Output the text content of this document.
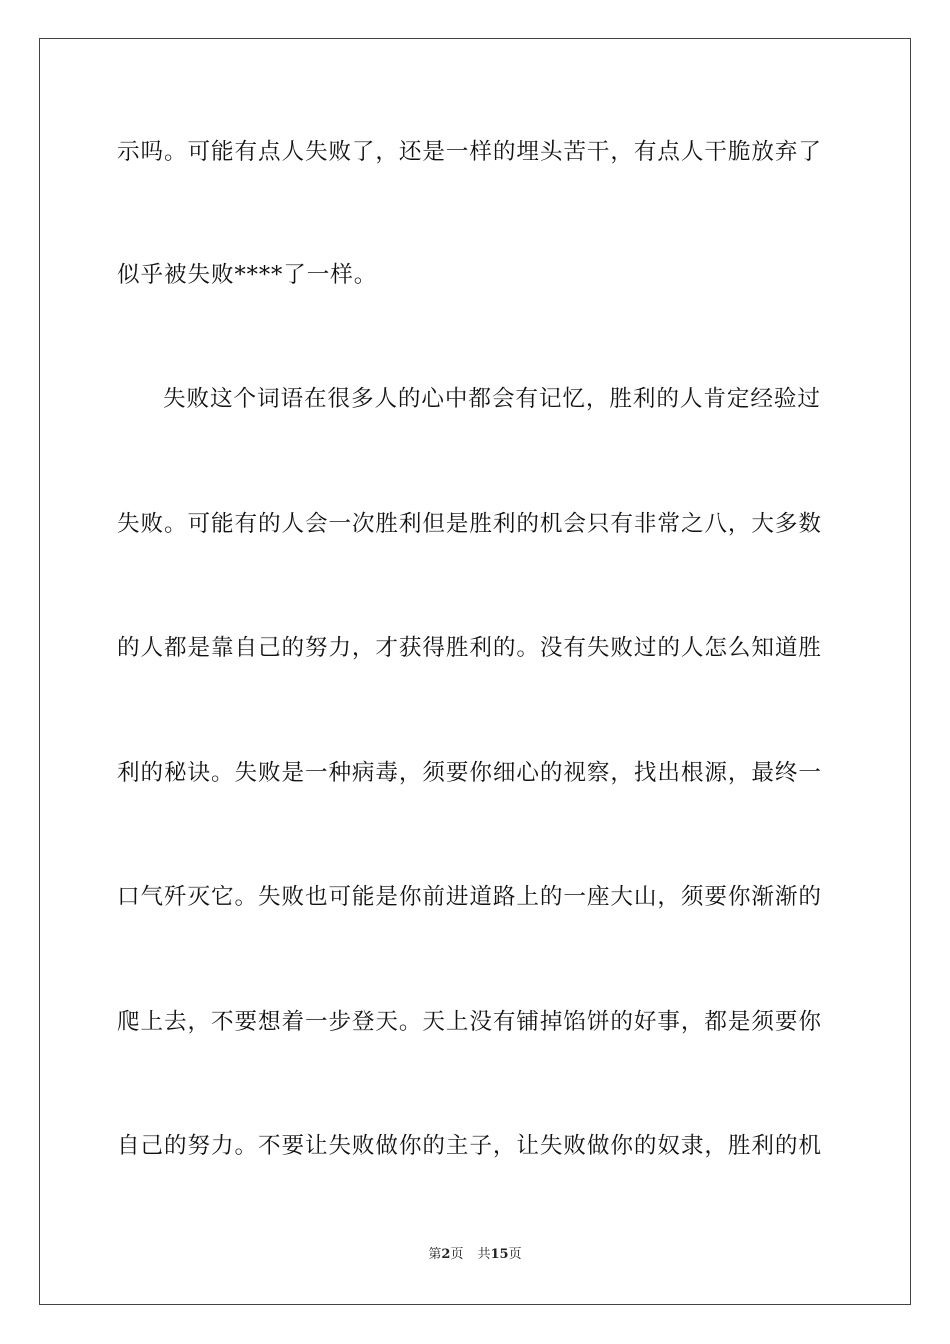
示吗。可能有点人失败了，还是一样的埋头苦干，有点人干脆放弃了
似乎被失败****了一样。
失败这个词语在很多人的心中都会有记忆，胜利的人肯定经验过
失败。可能有的人会一次胜利但是胜利的机会只有非常之八，大多数
的人都是靠自己的努力，才获得胜利的。没有失败过的人怎么知道胜
利的秘诀。失败是一种病毒，须要你细心的视察，找出根源，最终一
口气歼灭它。失败也可能是你前进道路上的一座大山，须要你渐渐的
爬上去，不要想着一步登天。天上没有铺掉馅饼的好事，都是须要你
自己的努力。不要让失败做你的主子，让失败做你的奴隶，胜利的机
第2页 共15页
